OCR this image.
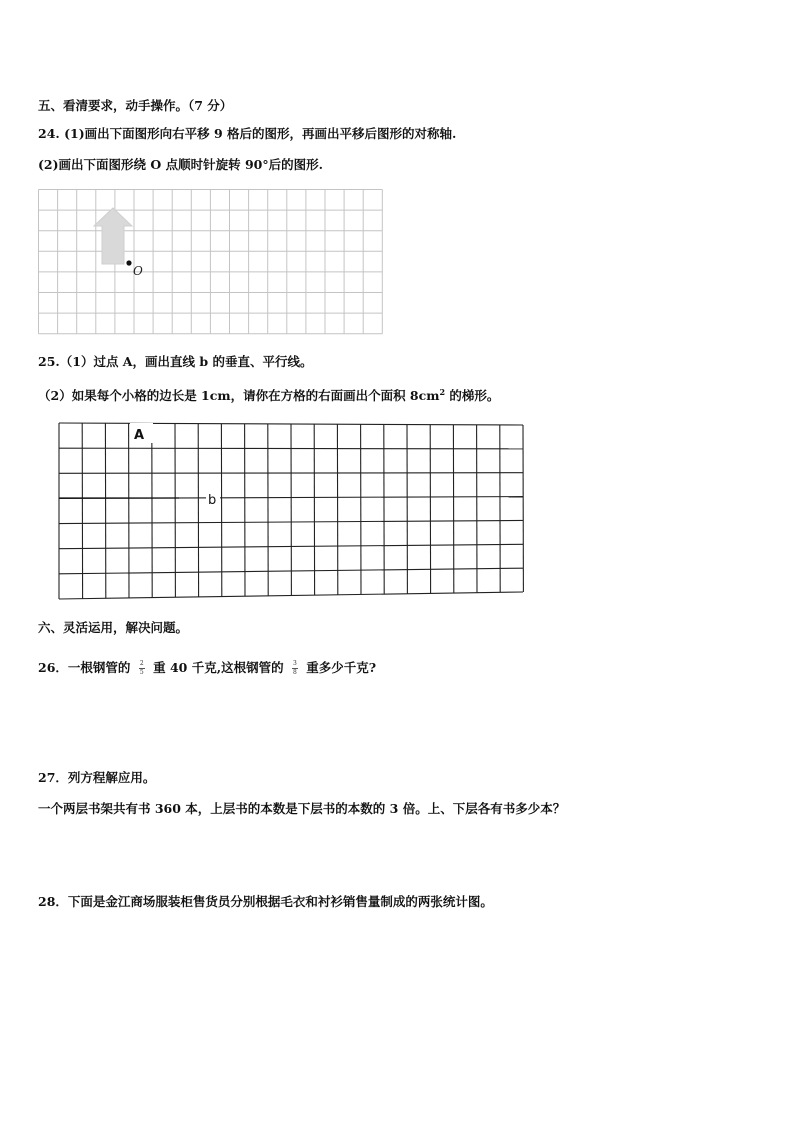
五、看清要求，动手操作。（7 分）
24. (1)画出下面图形向右平移 9 格后的图形，再画出平移后图形的对称轴.
(2)画出下面图形绕 O 点顺时针旋转 90°后的图形.
O
25.（1）过点 A，画出直线 b 的垂直、平行线。
（2）如果每个小格的边长是 1cm，请你在方格的右面画出个面积 $8cm^2$ 的梯形。
A
b
六、灵活运用，解决问题。
26．一根钢管的 $\frac{2}{5}$ 重 40 千克,这根钢管的 $\frac{3}{8}$ 重多少千克?
27．列方程解应用。
一个两层书架共有书 360 本，上层书的本数是下层书的本数的 3 倍。上、下层各有书多少本？
28．下面是金江商场服装柜售货员分别根据毛衣和衬衫销售量制成的两张统计图。
